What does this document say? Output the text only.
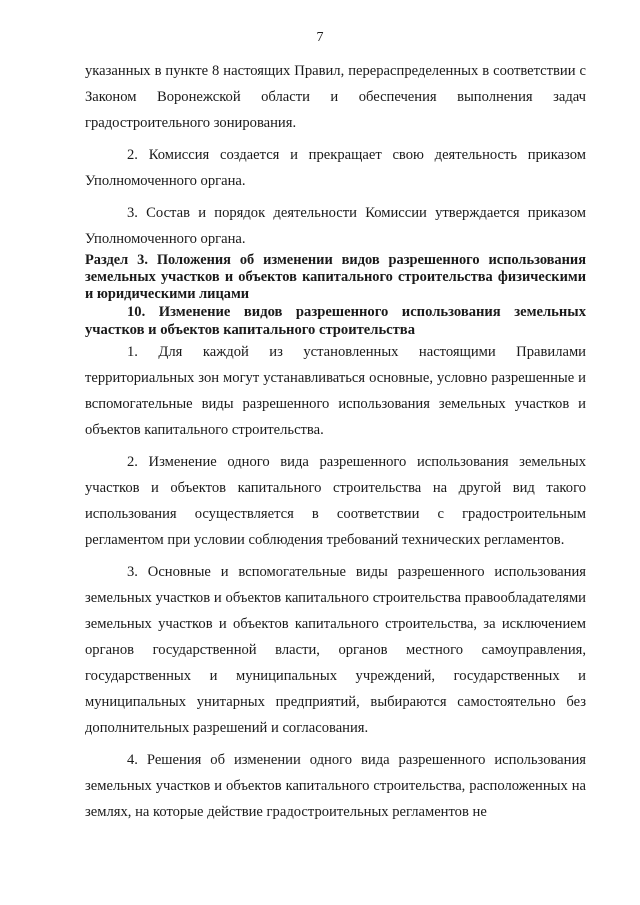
7

указанных в пункте 8 настоящих Правил, перераспределенных в соответствии с Законом Воронежской области и обеспечения выполнения задач градостроительного зонирования.

2. Комиссия создается и прекращает свою деятельность приказом Уполномоченного органа.

3. Состав и порядок деятельности Комиссии утверждается приказом Уполномоченного органа.

Раздел 3. Положения об изменении видов разрешенного использования земельных участков и объектов капитального строительства физическими и юридическими лицами

10. Изменение видов разрешенного использования земельных участков и объектов капитального строительства

1. Для каждой из установленных настоящими Правилами территориальных зон могут устанавливаться основные, условно разрешенные и вспомогательные виды разрешенного использования земельных участков и объектов капитального строительства.

2. Изменение одного вида разрешенного использования земельных участков и объектов капитального строительства на другой вид такого использования осуществляется в соответствии с градостроительным регламентом при условии соблюдения требований технических регламентов.

3. Основные и вспомогательные виды разрешенного использования земельных участков и объектов капитального строительства правообладателями земельных участков и объектов капитального строительства, за исключением органов государственной власти, органов местного самоуправления, государственных и муниципальных учреждений, государственных и муниципальных унитарных предприятий, выбираются самостоятельно без дополнительных разрешений и согласования.

4. Решения об изменении одного вида разрешенного использования земельных участков и объектов капитального строительства, расположенных на землях, на которые действие градостроительных регламентов не
